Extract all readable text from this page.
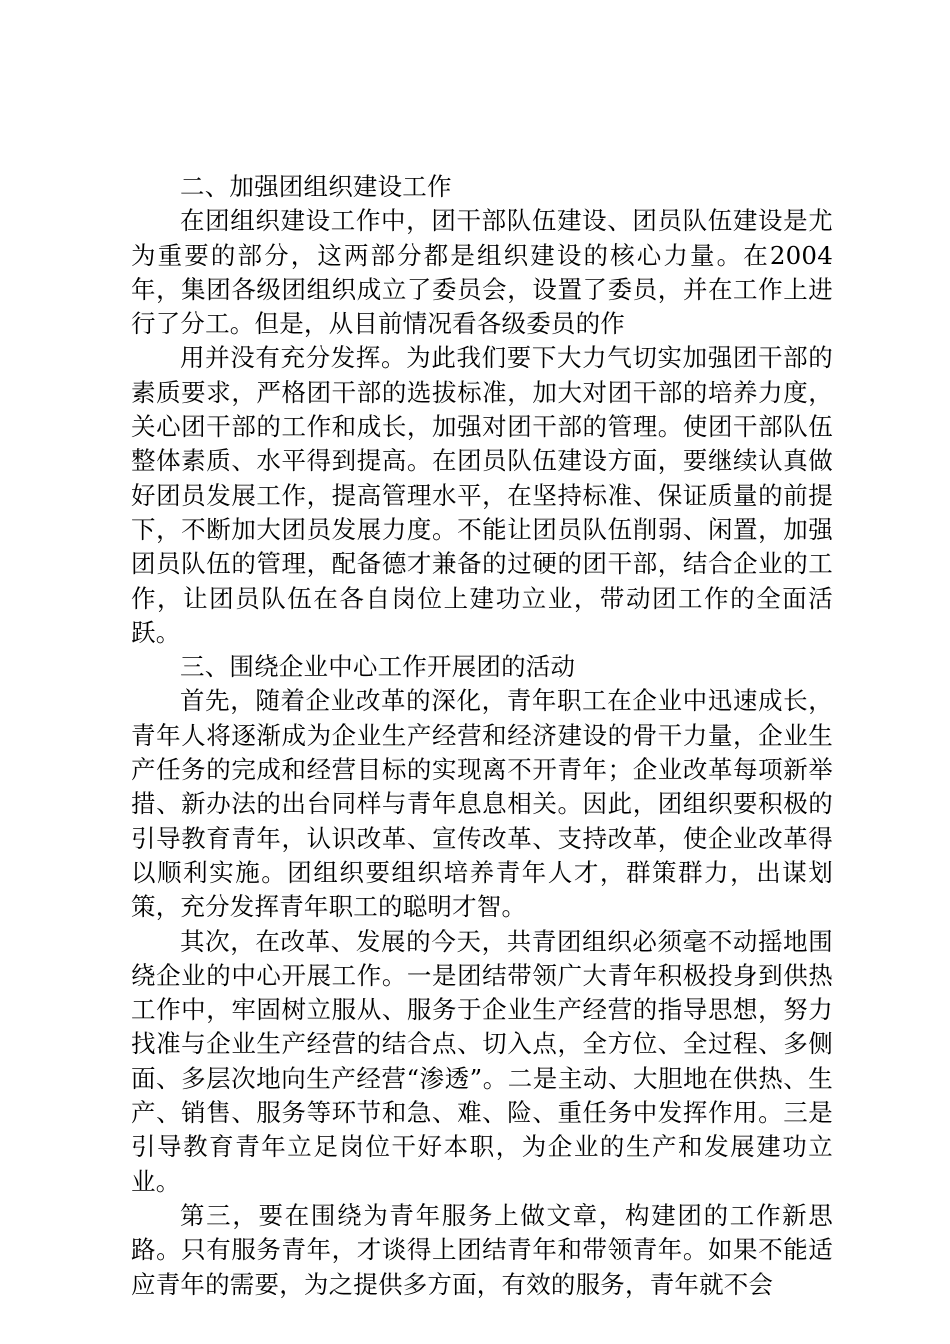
二、加强团组织建设工作

在团组织建设工作中，团干部队伍建设、团员队伍建设是尤为重要的部分，这两部分都是组织建设的核心力量。在2004年，集团各级团组织成立了委员会，设置了委员，并在工作上进行了分工。但是，从目前情况看各级委员的作

用并没有充分发挥。为此我们要下大力气切实加强团干部的素质要求，严格团干部的选拔标准，加大对团干部的培养力度，关心团干部的工作和成长，加强对团干部的管理。使团干部队伍整体素质、水平得到提高。在团员队伍建设方面，要继续认真做好团员发展工作，提高管理水平，在坚持标准、保证质量的前提下，不断加大团员发展力度。不能让团员队伍削弱、闲置，加强团员队伍的管理，配备德才兼备的过硬的团干部，结合企业的工作，让团员队伍在各自岗位上建功立业，带动团工作的全面活跃。

三、围绕企业中心工作开展团的活动

首先，随着企业改革的深化，青年职工在企业中迅速成长，青年人将逐渐成为企业生产经营和经济建设的骨干力量，企业生产任务的完成和经营目标的实现离不开青年；企业改革每项新举措、新办法的出台同样与青年息息相关。因此，团组织要积极的引导教育青年，认识改革、宣传改革、支持改革，使企业改革得以顺利实施。团组织要组织培养青年人才，群策群力，出谋划策，充分发挥青年职工的聪明才智。

其次，在改革、发展的今天，共青团组织必须毫不动摇地围绕企业的中心开展工作。一是团结带领广大青年积极投身到供热工作中，牢固树立服从、服务于企业生产经营的指导思想，努力找准与企业生产经营的结合点、切入点，全方位、全过程、多侧面、多层次地向生产经营“渗透”。二是主动、大胆地在供热、生产、销售、服务等环节和急、难、险、重任务中发挥作用。三是引导教育青年立足岗位干好本职，为企业的生产和发展建功立业。

第三，要在围绕为青年服务上做文章，构建团的工作新思路。只有服务青年，才谈得上团结青年和带领青年。如果不能适应青年的需要，为之提供多方面，有效的服务，青年就不会
